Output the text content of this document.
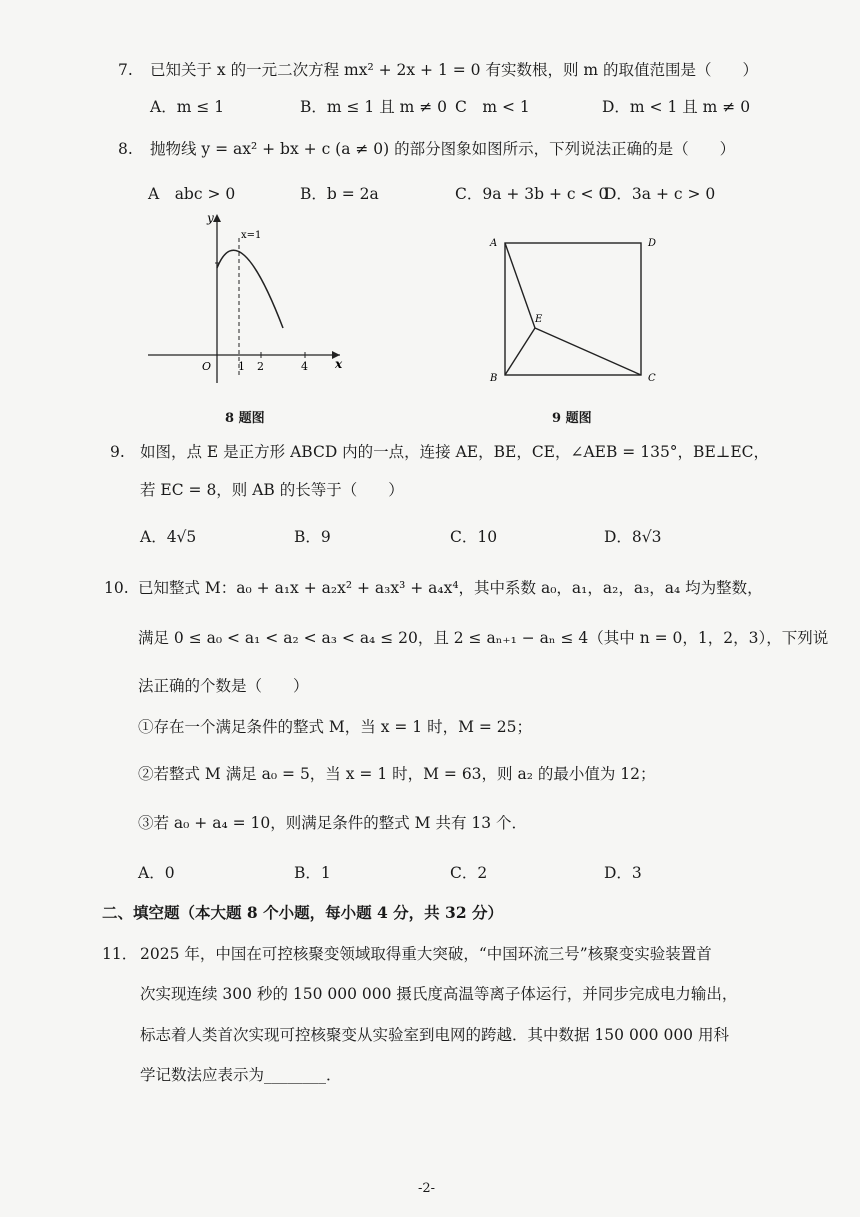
7. 已知关于 x 的一元二次方程 mx² + 2x + 1 = 0 有实数根，则 m 的取值范围是（　　）
A．m ≤ 1	B．m ≤ 1 且 m ≠ 0 C　m < 1	D．m < 1 且 m ≠ 0
8. 抛物线 y = ax² + bx + c (a ≠ 0) 的部分图象如图所示，下列说法正确的是（　　）
A　abc > 0	B．b = 2a	C．9a + 3b + c < 0
D．3a + c > 0
y
x
O
x=1
1 2	4
8 题图
A	D
B	C
E
9 题图
9. 如图，点 E 是正方形 ABCD 内的一点，连接 AE，BE，CE，∠AEB = 135°，BE⊥EC，
若 EC = 8，则 AB 的长等于（　　）
A．4√5	B．9	C．10	D．8√3
10. 已知整式 M：a₀ + a₁x + a₂x² + a₃x³ + a₄x⁴，其中系数 a₀，a₁，a₂，a₃，a₄ 均为整数，
满足 0 ≤ a₀ < a₁ < a₂ < a₃ < a₄ ≤ 20，且 2 ≤ aₙ₊₁ − aₙ ≤ 4（其中 n = 0，1，2，3），下列说
法正确的个数是（　　）
①存在一个满足条件的整式 M，当 x = 1 时，M = 25；
②若整式 M 满足 a₀ = 5，当 x = 1 时，M = 63，则 a₂ 的最小值为 12；
③若 a₀ + a₄ = 10，则满足条件的整式 M 共有 13 个．
A．0	B．1	C．2	D．3
二、填空题（本大题 8 个小题，每小题 4 分，共 32 分）
11． 2025 年，中国在可控核聚变领域取得重大突破，“中国环流三号”核聚变实验装置首
次实现连续 300 秒的 150 000 000 摄氏度高温等离子体运行，并同步完成电力输出，
标志着人类首次实现可控核聚变从实验室到电网的跨越．其中数据 150 000 000 用科
学记数法应表示为________．
-2-
